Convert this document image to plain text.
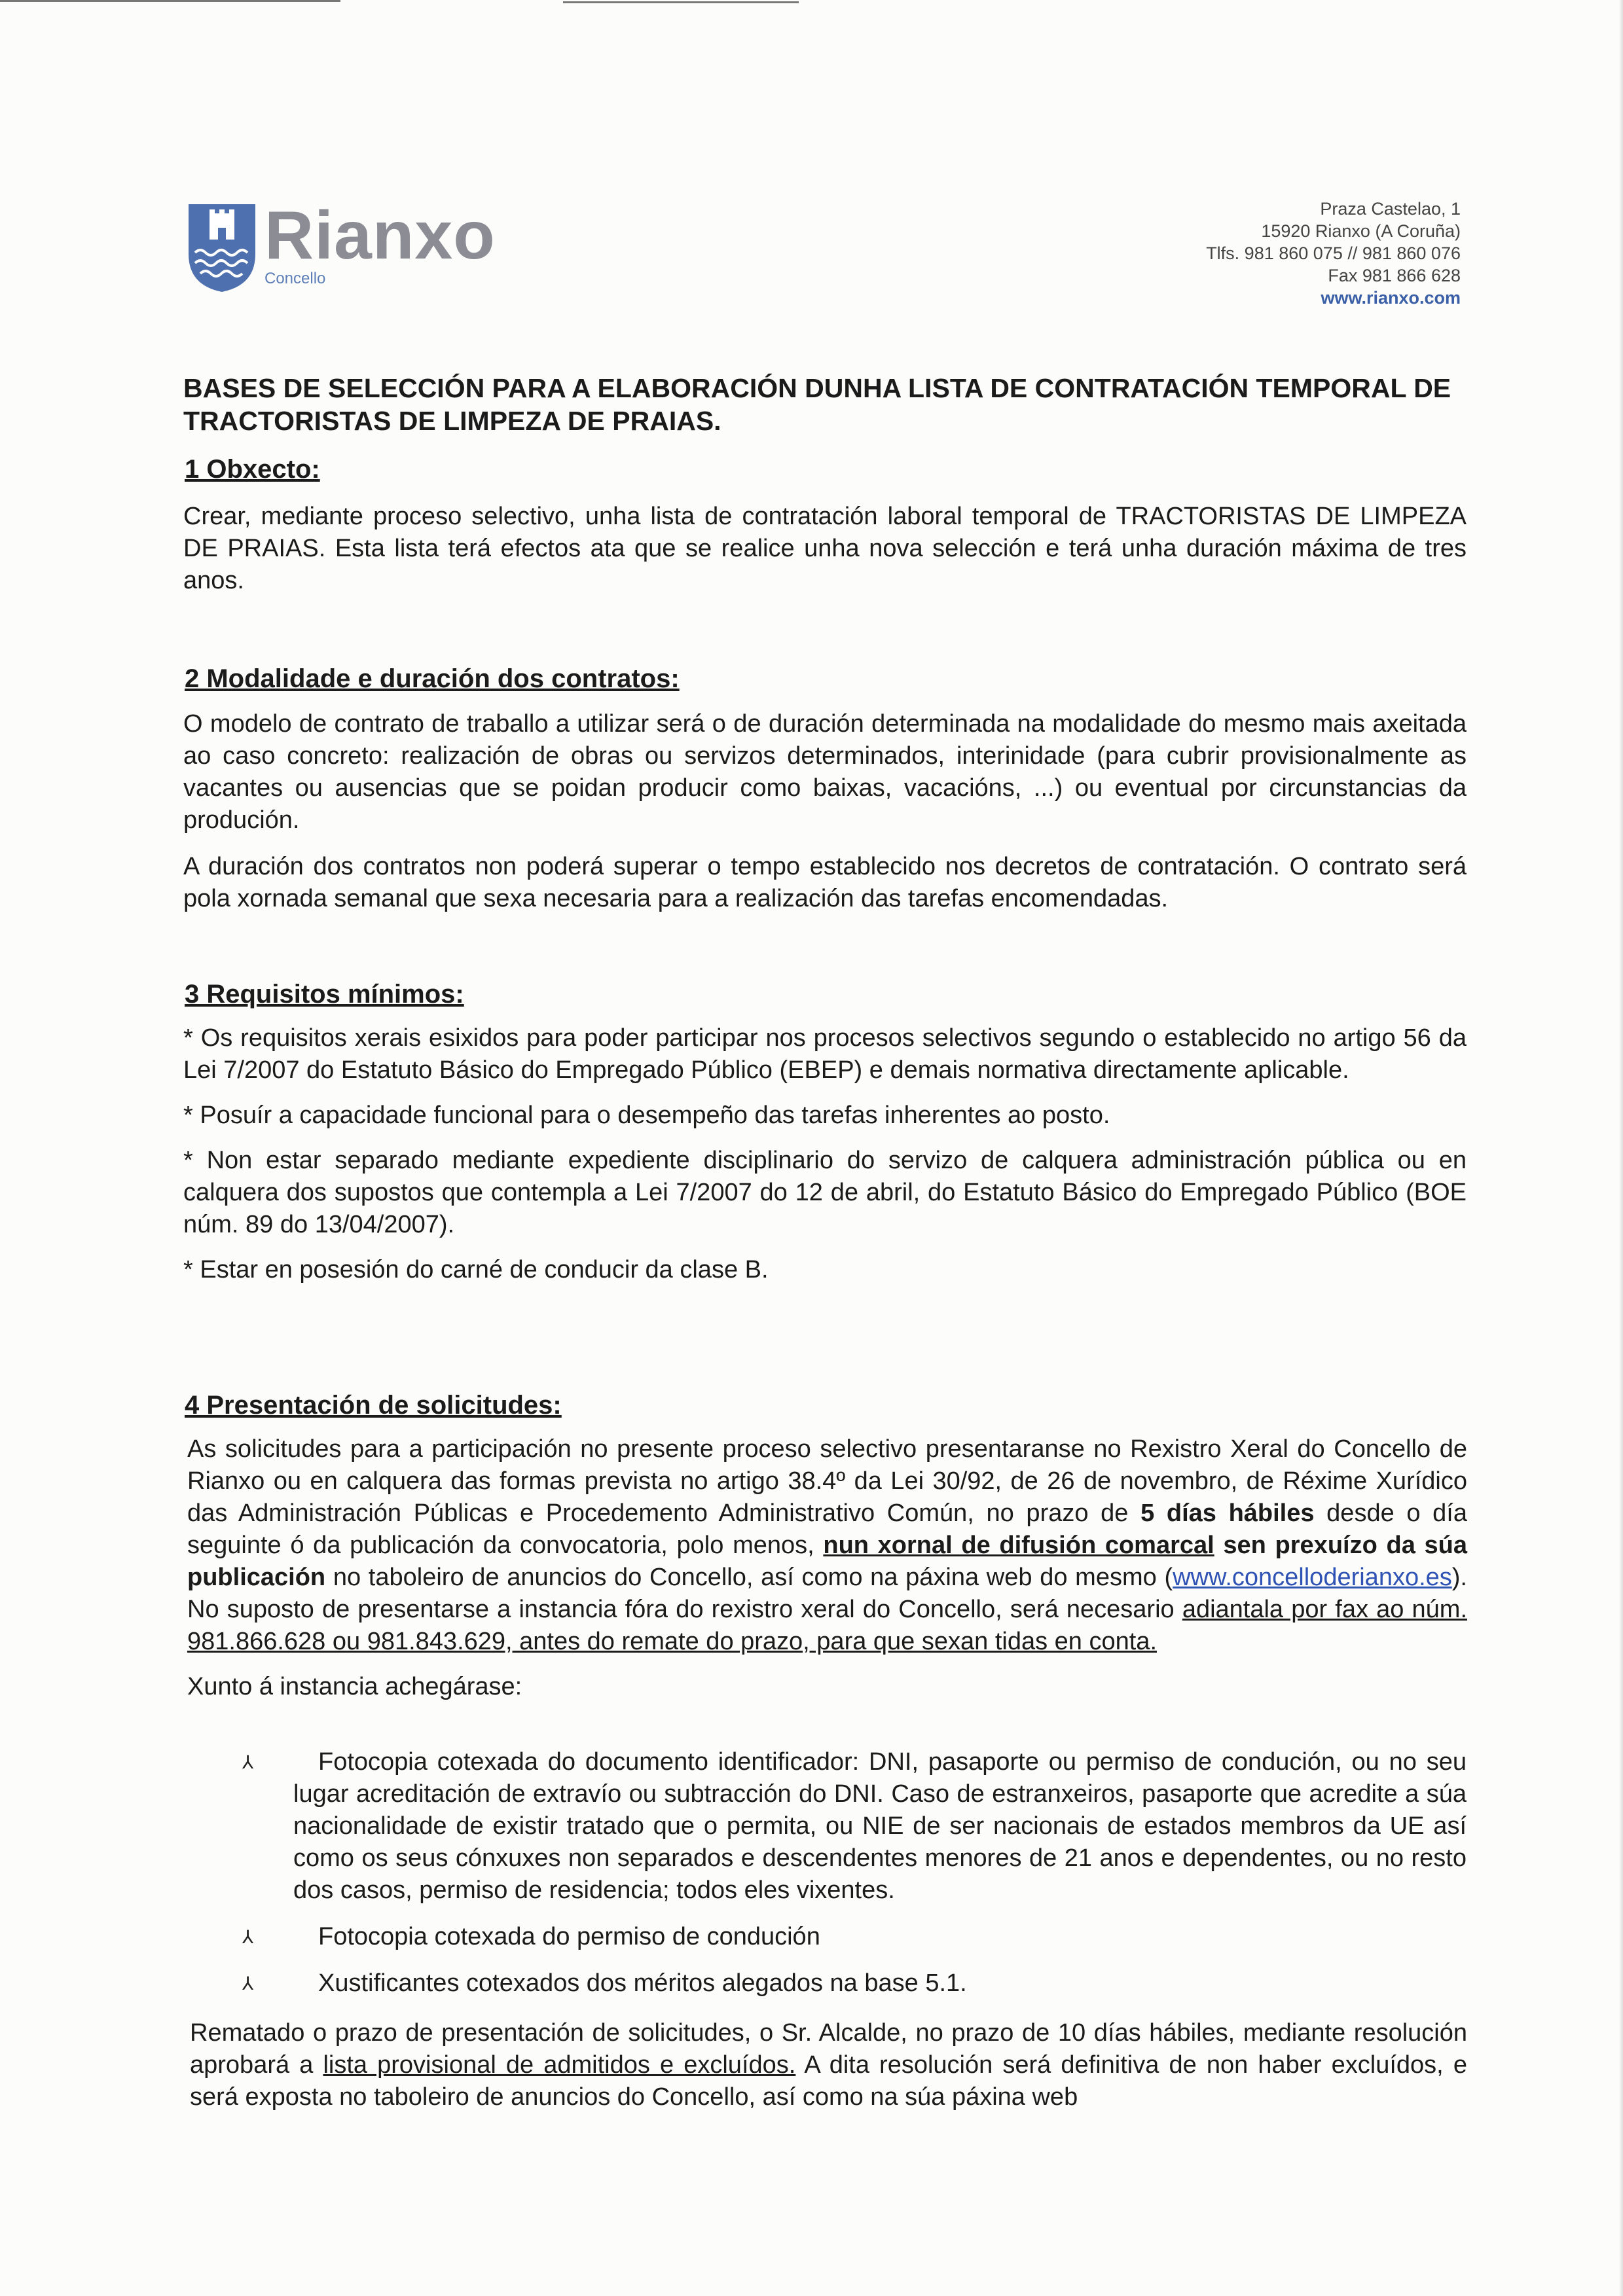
Rianxo
Concello
Praza Castelao, 1
15920 Rianxo (A Coruña)
Tlfs. 981 860 075 // 981 860 076
Fax 981 866 628
www.rianxo.com
BASES DE SELECCIÓN PARA A ELABORACIÓN DUNHA LISTA DE CONTRATACIÓN TEMPORAL DE TRACTORISTAS DE LIMPEZA DE PRAIAS.
1 Obxecto:

Crear, mediante proceso selectivo, unha lista de contratación laboral temporal de TRACTORISTAS DE LIMPEZA DE PRAIAS. Esta lista terá efectos ata que se realice unha nova selección e terá unha duración máxima de tres anos.

2 Modalidade e duración dos contratos:

O modelo de contrato de traballo a utilizar será o de duración determinada na modalidade do mesmo mais axeitada ao caso concreto: realización de obras ou servizos determinados, interinidade (para cubrir provisionalmente as vacantes ou ausencias que se poidan producir como baixas, vacacións, ...) ou eventual por circunstancias da produción.

A duración dos contratos non poderá superar o tempo establecido nos decretos de contratación. O contrato será pola xornada semanal que sexa necesaria para a realización das tarefas encomendadas.

3 Requisitos mínimos:

* Os requisitos xerais esixidos para poder participar nos procesos selectivos segundo o establecido no artigo 56 da Lei 7/2007 do Estatuto Básico do Empregado Público (EBEP) e demais normativa directamente aplicable.

* Posuír a capacidade funcional para o desempeño das tarefas inherentes ao posto.

* Non estar separado mediante expediente disciplinario do servizo de calquera administración pública ou en calquera dos supostos que contempla a Lei 7/2007 do 12 de abril, do Estatuto Básico do Empregado Público (BOE núm. 89 do 13/04/2007).

* Estar en posesión do carné de conducir da clase B.

4 Presentación de solicitudes:

As solicitudes para a participación no presente proceso selectivo presentaranse no Rexistro Xeral do Concello de Rianxo ou en calquera das formas prevista no artigo 38.4º da Lei 30/92, de 26 de novembro, de Réxime Xurídico das Administración Públicas e Procedemento Administrativo Común, no prazo de 5 días hábiles desde o día seguinte ó da publicación da convocatoria, polo menos, nun xornal de difusión comarcal sen prexuízo da súa publicación no taboleiro de anuncios do Concello, así como na páxina web do mesmo (www.concelloderianxo.es). No suposto de presentarse a instancia fóra do rexistro xeral do Concello, será necesario adiantala por fax ao núm. 981.866.628 ou 981.843.629, antes do remate do prazo, para que sexan tidas en conta.

Xunto á instancia achegárase:

⅄	Fotocopia cotexada do documento identificador: DNI, pasaporte ou permiso de condución, ou no seu lugar acreditación de extravío ou subtracción do DNI. Caso de estranxeiros, pasaporte que acredite a súa nacionalidade de existir tratado que o permita, ou NIE de ser nacionais de estados membros da UE así como os seus cónxuxes non separados e descendentes menores de 21 anos e dependentes, ou no resto dos casos, permiso de residencia; todos eles vixentes.

⅄	Fotocopia cotexada do permiso de condución

⅄	Xustificantes cotexados dos méritos alegados na base 5.1.

Rematado o prazo de presentación de solicitudes, o Sr. Alcalde, no prazo de 10 días hábiles, mediante resolución aprobará a lista provisional de admitidos e excluídos. A dita resolución será definitiva de non haber excluídos, e será exposta no taboleiro de anuncios do Concello, así como na súa páxina web
